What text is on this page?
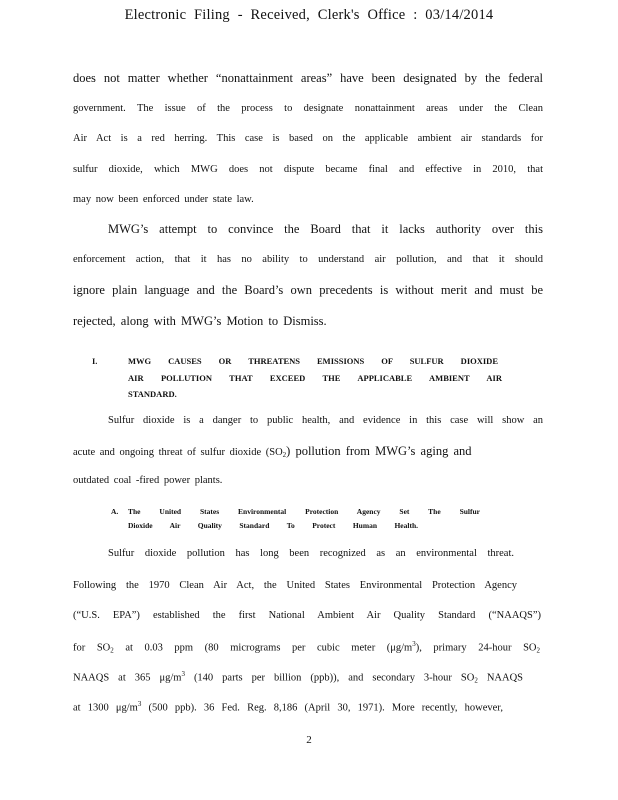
Electronic Filing - Received, Clerk's Office : 03/14/2014
does not matter whether “nonattainment areas” have been designated by the federal
government. The issue of the process to designate nonattainment areas under the Clean
Air Act is a red herring. This case is based on the applicable ambient air standards for
sulfur dioxide, which MWG does not dispute became final and effective in 2010, that
may now been enforced under state law.
MWG’s attempt to convince the Board that it lacks authority over this
enforcement action, that it has no ability to understand air pollution, and that it should
ignore plain language and the Board’s own precedents is without merit and must be
rejected, along with MWG’s Motion to Dismiss.
I.	MWG CAUSES OR THREATENS EMISSIONS OF SULFUR DIOXIDE
AIR POLLUTION THAT EXCEED THE APPLICABLE AMBIENT AIR
STANDARD.
Sulfur dioxide is a danger to public health, and evidence in this case will show an
acute and ongoing threat of sulfur dioxide $(SO_2)$ pollution from MWG’s aging and
outdated coal -fired power plants.
A. The United States Environmental Protection Agency Set The Sulfur
Dioxide Air Quality Standard To Protect Human Health.
Sulfur dioxide pollution has long been recognized as an environmental threat.
Following the 1970 Clean Air Act, the United States Environmental Protection Agency
(“U.S. EPA”) established the first National Ambient Air Quality Standard (“NAAQS”)
for $SO_2$ at 0.03 ppm (80 micrograms per cubic meter $(\mu g/m^3)$, primary 24-hour $SO_2$
NAAQS at 365 $\mu g/m^3$ (140 parts per billion (ppb)), and secondary 3-hour $SO_2$ NAAQS
at 1300 $\mu g/m^3$ (500 ppb). 36 Fed. Reg. 8,186 (April 30, 1971). More recently, however,
2
